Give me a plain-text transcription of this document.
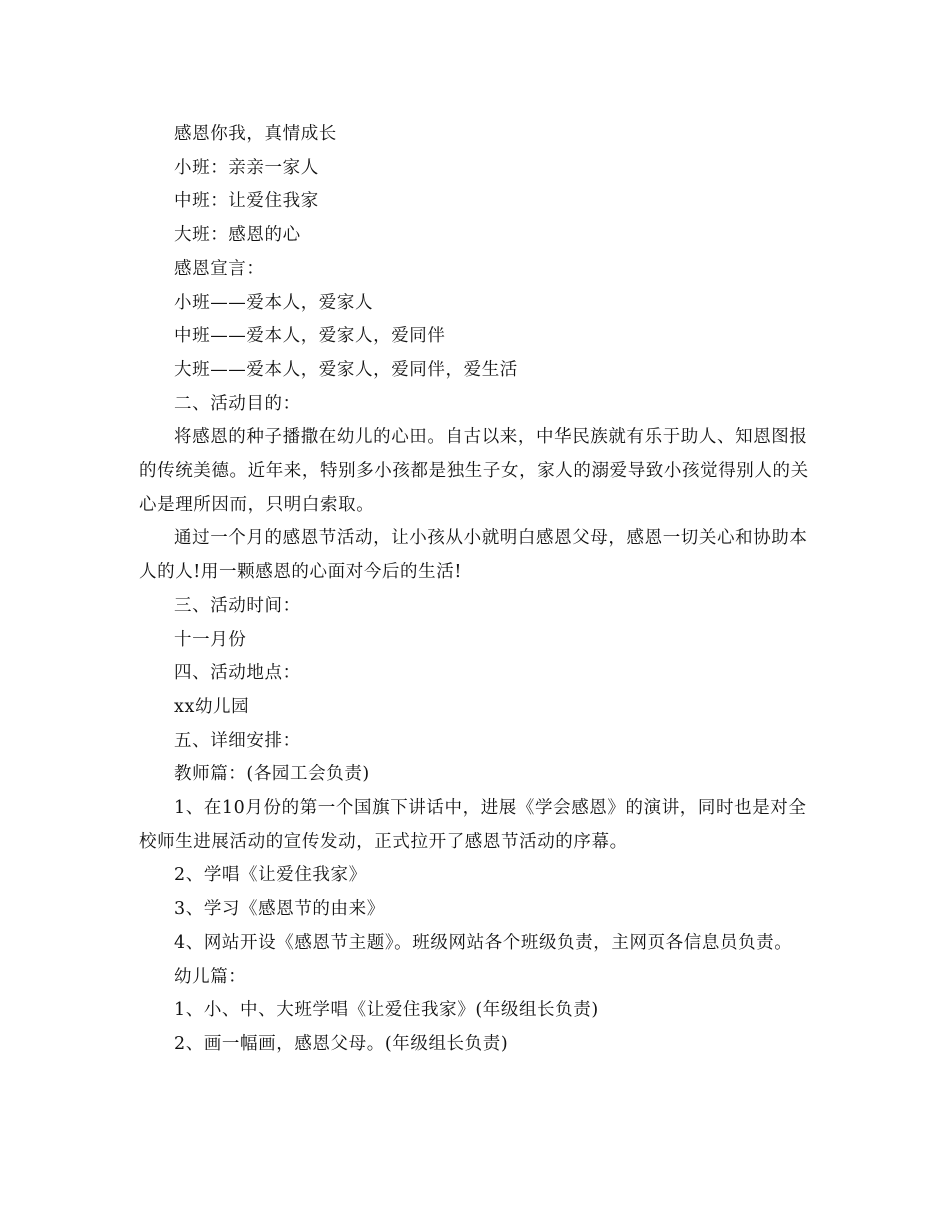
感恩你我，真情成长

小班：亲亲一家人

中班：让爱住我家

大班：感恩的心

感恩宣言：

小班——爱本人，爱家人

中班——爱本人，爱家人，爱同伴

大班——爱本人，爱家人，爱同伴，爱生活

二、活动目的：

将感恩的种子播撒在幼儿的心田。自古以来，中华民族就有乐于助人、知恩图报的传统美德。近年来，特别多小孩都是独生子女，家人的溺爱导致小孩觉得别人的关心是理所因而，只明白索取。

通过一个月的感恩节活动，让小孩从小就明白感恩父母，感恩一切关心和协助本人的人!用一颗感恩的心面对今后的生活!

三、活动时间：

十一月份

四、活动地点：

xx幼儿园

五、详细安排：

教师篇：(各园工会负责)

1、在10月份的第一个国旗下讲话中，进展《学会感恩》的演讲，同时也是对全校师生进展活动的宣传发动，正式拉开了感恩节活动的序幕。

2、学唱《让爱住我家》

3、学习《感恩节的由来》

4、网站开设《感恩节主题》。班级网站各个班级负责，主网页各信息员负责。

幼儿篇：

1、小、中、大班学唱《让爱住我家》(年级组长负责)

2、画一幅画，感恩父母。(年级组长负责)
